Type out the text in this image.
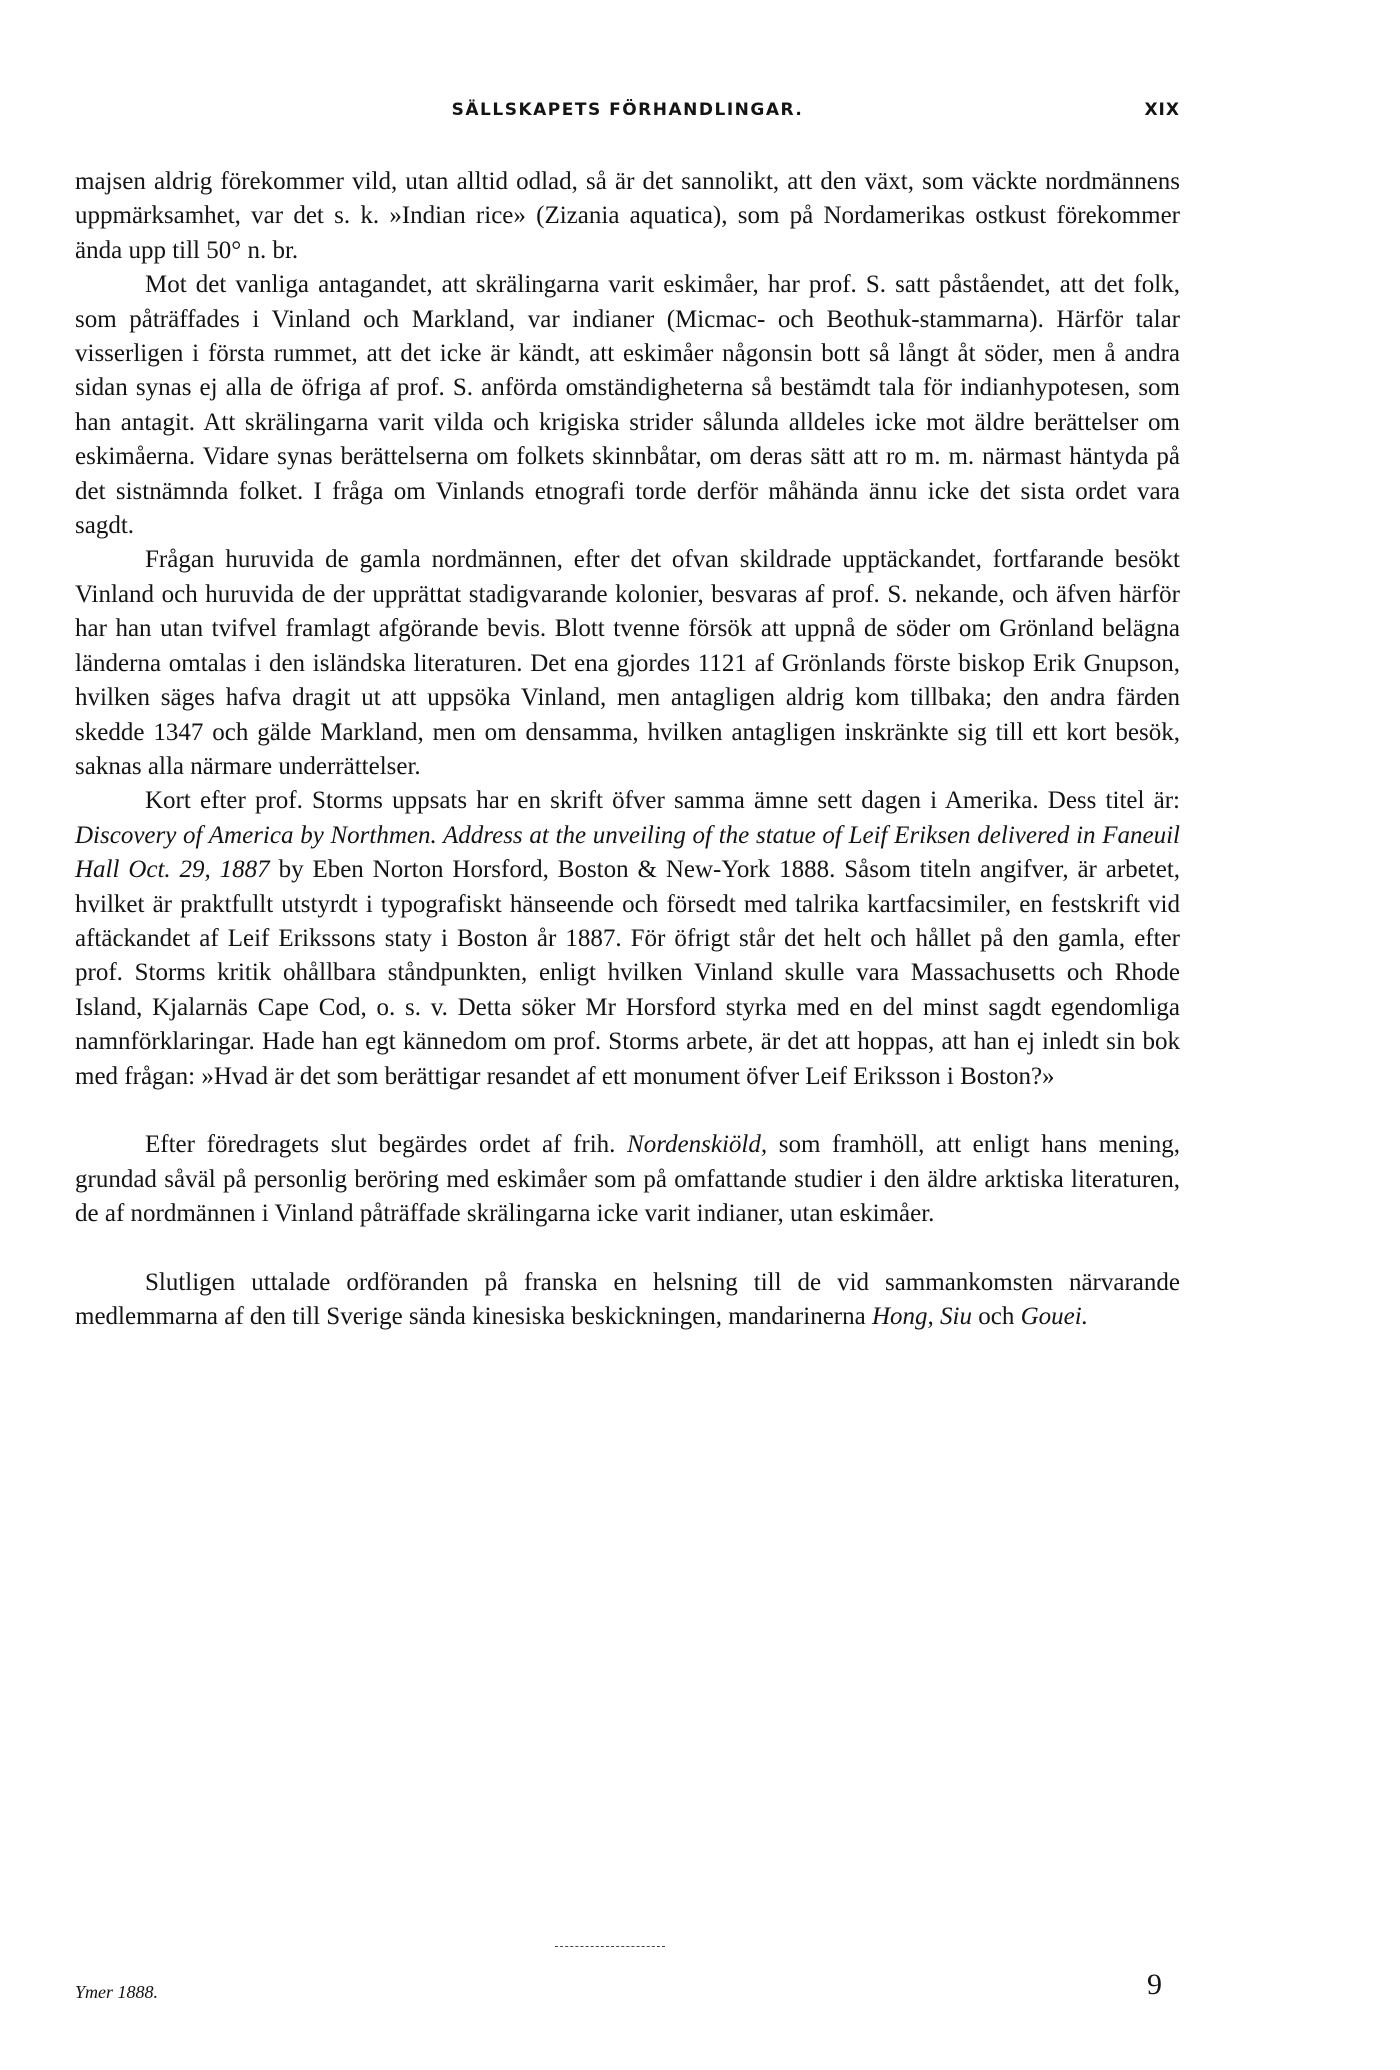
SÄLLSKAPETS FÖRHANDLINGAR.	XIX

majsen aldrig förekommer vild, utan alltid odlad, så är det sannolikt, att den växt, som väckte nordmännens uppmärksamhet, var det s. k. »Indian rice» (Zizania aquatica), som på Nordamerikas ostkust förekommer ända upp till 50° n. br.

Mot det vanliga antagandet, att skrälingarna varit eskimåer, har prof. S. satt påståendet, att det folk, som påträffades i Vinland och Markland, var indianer (Micmac- och Beothuk-stammarna). Härför talar visserligen i första rummet, att det icke är kändt, att eskimåer någonsin bott så långt åt söder, men å andra sidan synas ej alla de öfriga af prof. S. anförda omständigheterna så bestämdt tala för indianhypotesen, som han antagit. Att skrälingarna varit vilda och krigiska strider sålunda alldeles icke mot äldre berättelser om eskimåerna. Vidare synas berättelserna om folkets skinnbåtar, om deras sätt att ro m. m. närmast häntyda på det sistnämnda folket. I fråga om Vinlands etnografi torde derför måhända ännu icke det sista ordet vara sagdt.

Frågan huruvida de gamla nordmännen, efter det ofvan skildrade upptäckandet, fortfarande besökt Vinland och huruvida de der upprättat stadigvarande kolonier, besvaras af prof. S. nekande, och äfven härför har han utan tvifvel framlagt afgörande bevis. Blott tvenne försök att uppnå de söder om Grönland belägna länderna omtalas i den isländska literaturen. Det ena gjordes 1121 af Grönlands förste biskop Erik Gnupson, hvilken säges hafva dragit ut att uppsöka Vinland, men antagligen aldrig kom tillbaka; den andra färden skedde 1347 och gälde Markland, men om densamma, hvilken antagligen inskränkte sig till ett kort besök, saknas alla närmare underrättelser.

Kort efter prof. Storms uppsats har en skrift öfver samma ämne sett dagen i Amerika. Dess titel är: Discovery of America by Northmen. Address at the unveiling of the statue of Leif Eriksen delivered in Faneuil Hall Oct. 29, 1887 by Eben Norton Horsford, Boston & New-York 1888. Såsom titeln angifver, är arbetet, hvilket är praktfullt utstyrdt i typografiskt hänseende och försedt med talrika kartfacsimiler, en festskrift vid aftäckandet af Leif Erikssons staty i Boston år 1887. För öfrigt står det helt och hållet på den gamla, efter prof. Storms kritik ohållbara ståndpunkten, enligt hvilken Vinland skulle vara Massachusetts och Rhode Island, Kjalarnäs Cape Cod, o. s. v. Detta söker Mr Horsford styrka med en del minst sagdt egendomliga namnförklaringar. Hade han egt kännedom om prof. Storms arbete, är det att hoppas, att han ej inledt sin bok med frågan: »Hvad är det som berättigar resandet af ett monument öfver Leif Eriksson i Boston?»

Efter föredragets slut begärdes ordet af frih. Nordenskiöld, som framhöll, att enligt hans mening, grundad såväl på personlig beröring med eskimåer som på omfattande studier i den äldre arktiska literaturen, de af nordmännen i Vinland påträffade skrälingarna icke varit indianer, utan eskimåer.

Slutligen uttalade ordföranden på franska en helsning till de vid sammankomsten närvarande medlemmarna af den till Sverige sända kinesiska beskickningen, mandarinerna Hong, Siu och Gouei.

Ymer 1888.	9
